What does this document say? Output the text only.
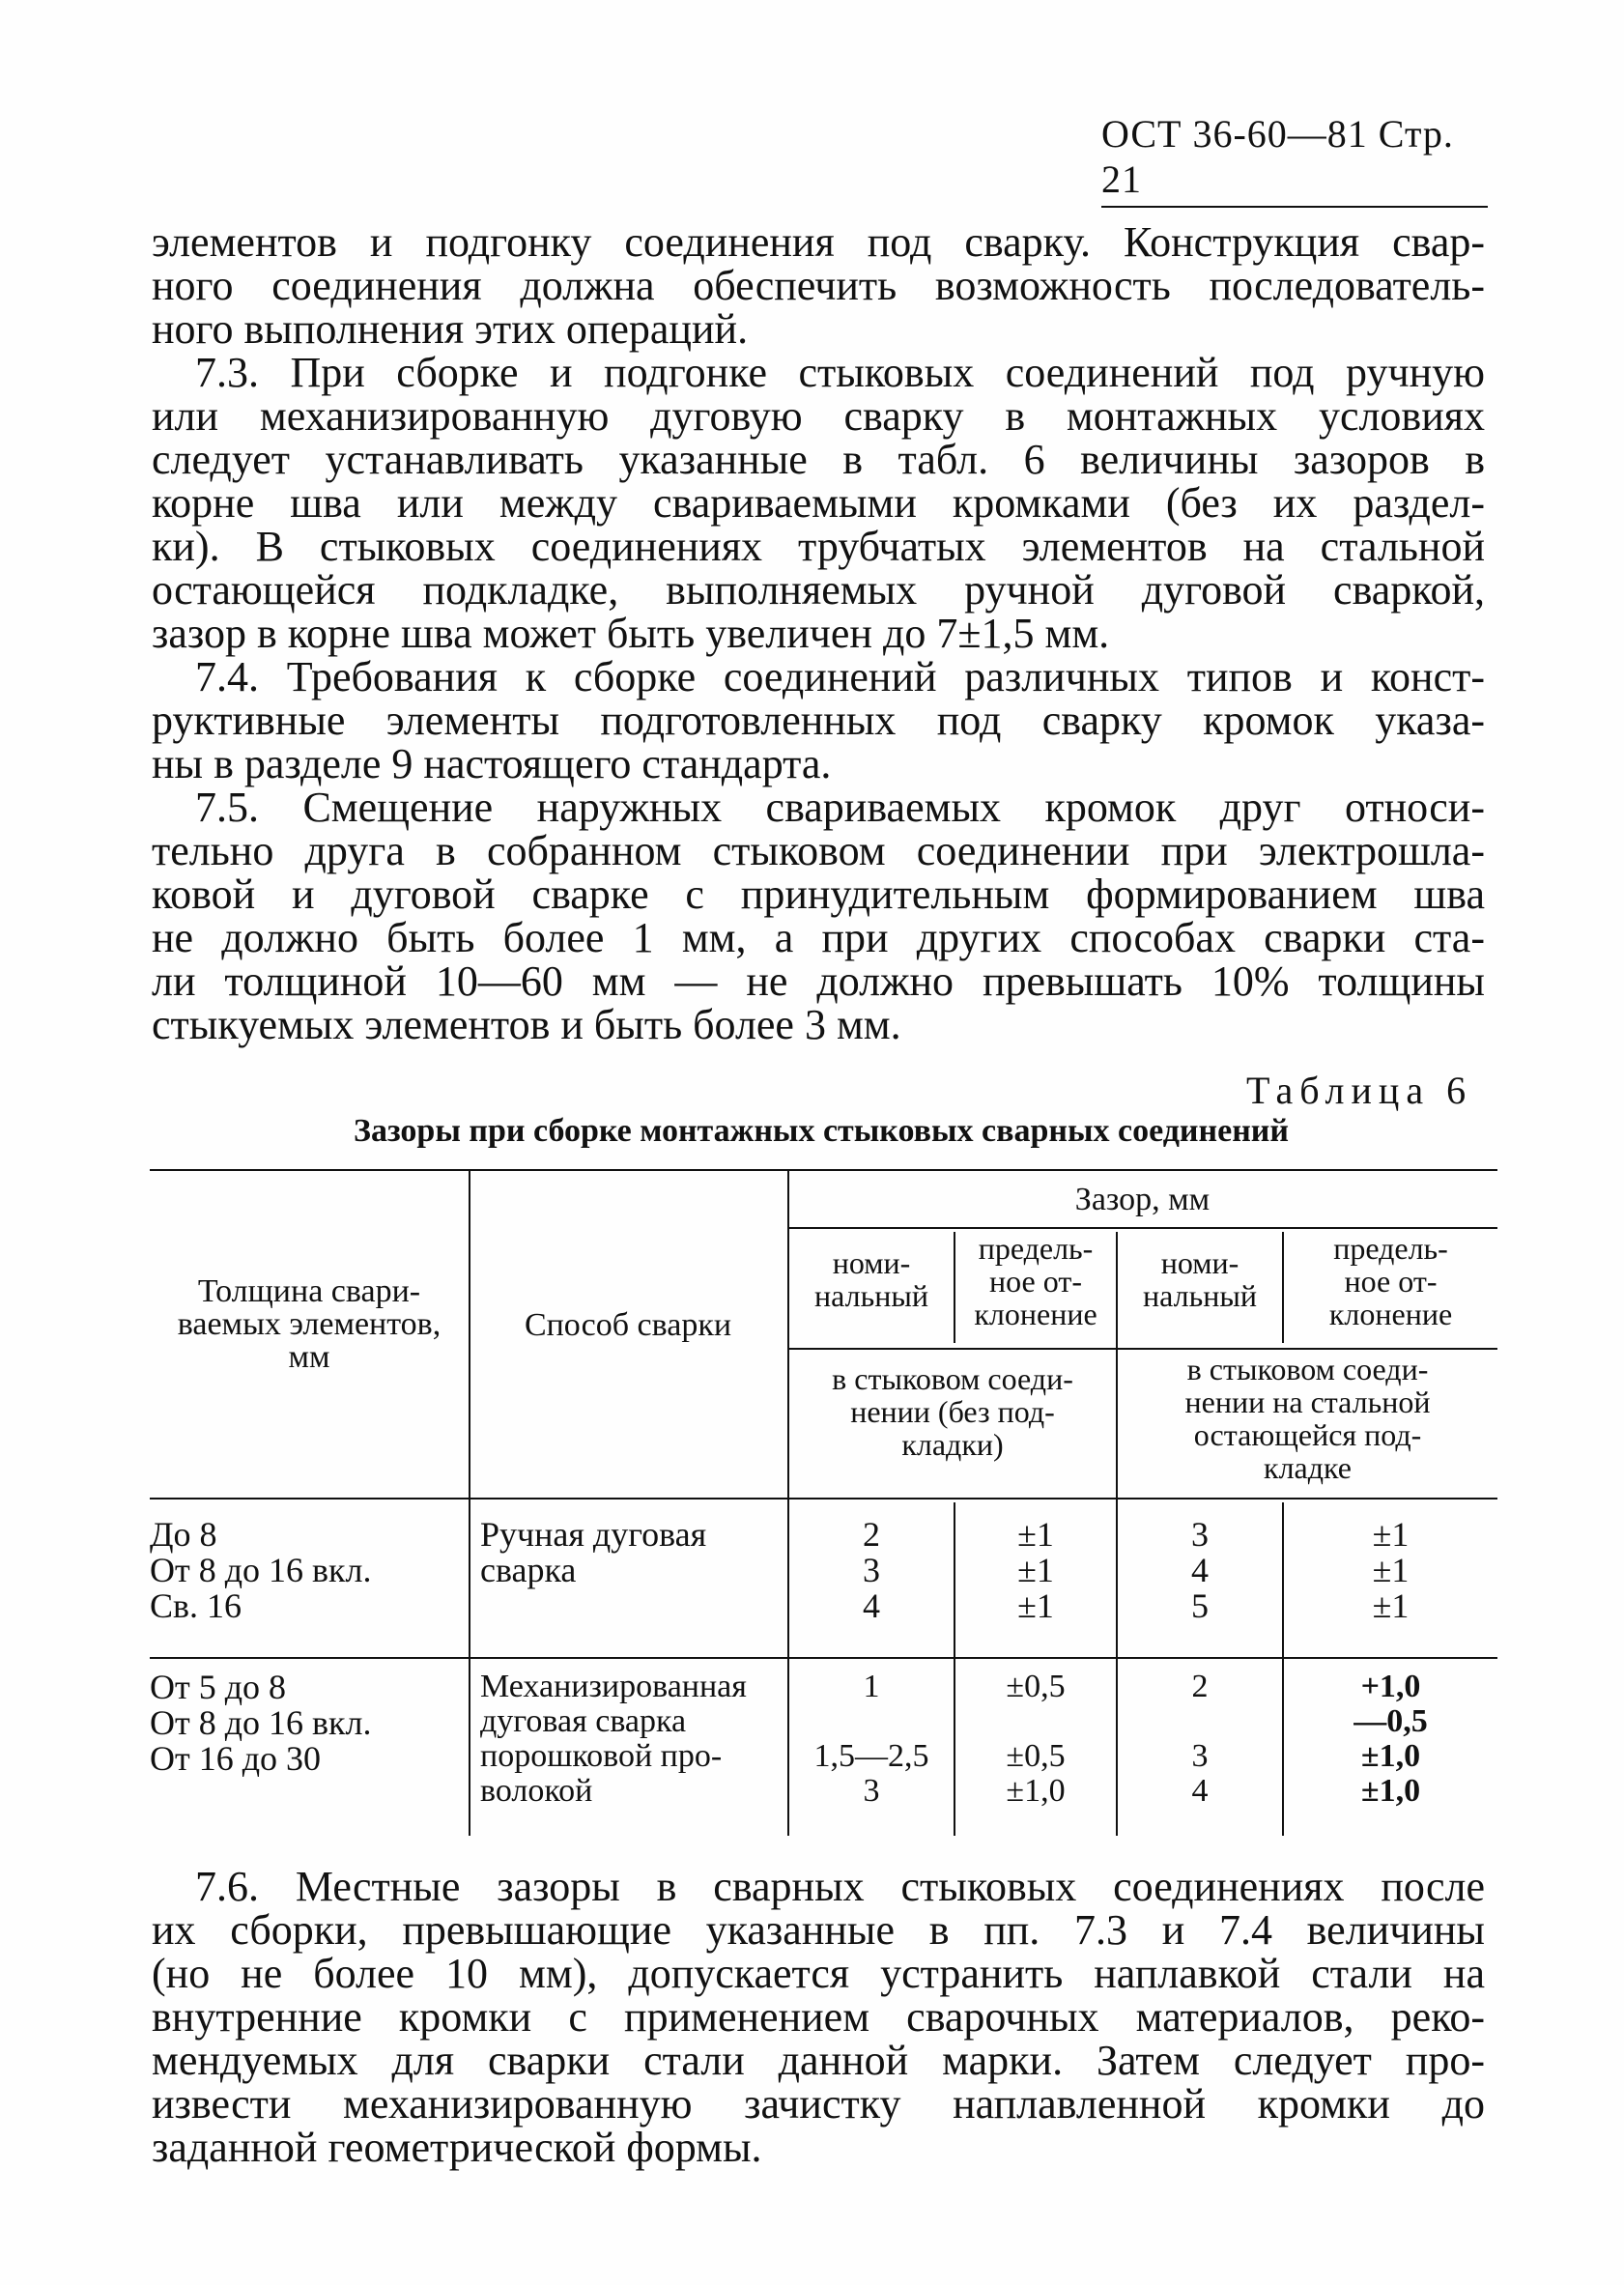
ОСТ 36-60—81 Стр. 21
элементов и подгонку соединения под сварку. Конструкция свар-
ного соединения должна обеспечить возможность последователь-
ного выполнения этих операций.
7.3. При сборке и подгонке стыковых соединений под ручную
или механизированную дуговую сварку в монтажных условиях
следует устанавливать указанные в табл. 6 величины зазоров в
корне шва или между свариваемыми кромками (без их раздел-
ки). В стыковых соединениях трубчатых элементов на стальной
остающейся подкладке, выполняемых ручной дуговой сваркой,
зазор в корне шва может быть увеличен до 7±1,5 мм.
7.4. Требования к сборке соединений различных типов и конст-
руктивные элементы подготовленных под сварку кромок указа-
ны в разделе 9 настоящего стандарта.
7.5. Смещение наружных свариваемых кромок друг относи-
тельно друга в собранном стыковом соединении при электрошла-
ковой и дуговой сварке с принудительным формированием шва
не должно быть более 1 мм, а при других способах сварки ста-
ли толщиной 10—60 мм — не должно превышать 10% толщины
стыкуемых элементов и быть более 3 мм.
Таблица 6
Зазоры при сборке монтажных стыковых сварных соединений
Толщина свари-
ваемых элементов,
мм
Способ сварки
Зазор, мм
номи-
нальный
предель-
ное от-
клонение
номи-
нальный
предель-
ное от-
клонение
в стыковом соеди-
нении (без под-
кладки)
в стыковом соеди-
нении на стальной
остающейся под-
кладке
До 8
От 8 до 16 вкл.
Св. 16
Ручная дуговая
сварка
2
3
4
±1
±1
±1
3
4
5
±1
±1
±1
От 5 до 8
От 8 до 16 вкл.
От 16 до 30
Механизированная
дуговая сварка
порошковой про-
волокой
1

1,5—2,5
3
±0,5

±0,5
±1,0
2

3
4
+1,0
—0,5
±1,0
±1,0
7.6. Местные зазоры в сварных стыковых соединениях после
их сборки, превышающие указанные в пп. 7.3 и 7.4 величины
(но не более 10 мм), допускается устранить наплавкой стали на
внутренние кромки с применением сварочных материалов, реко-
мендуемых для сварки стали данной марки. Затем следует про-
извести механизированную зачистку наплавленной кромки до
заданной геометрической формы.
